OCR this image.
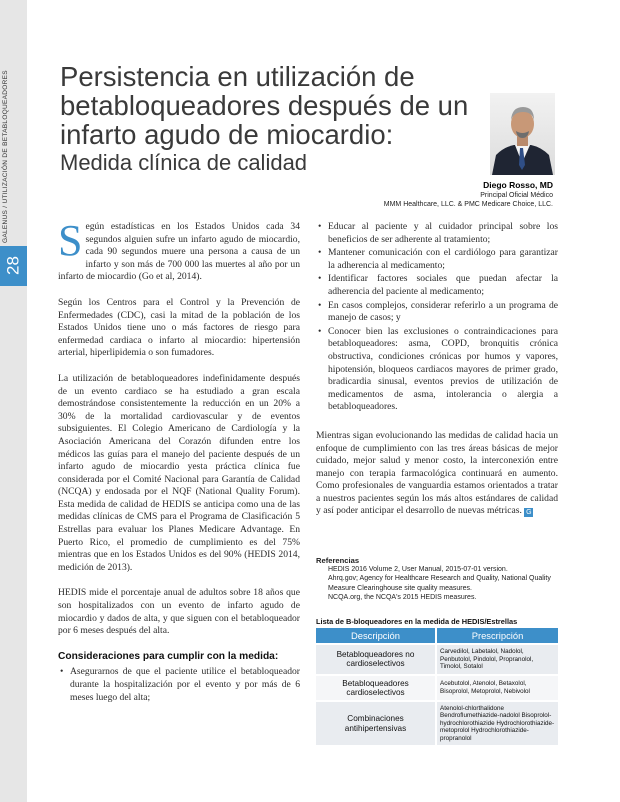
GALENUS / UTILIZACIÓN DE BETABLOQUEADORES
28
Persistencia en utilización de betabloqueadores después de un infarto agudo de miocardio:
Medida clínica de calidad
Diego Rosso, MD
Principal Oficial Médico
MMM Healthcare, LLC. & PMC Medicare Choice, LLC.

Según estadísticas en los Estados Unidos cada 34 segundos alguien sufre un infarto agudo de miocardio, cada 90 segundos muere una persona a causa de un infarto y son más de 700 000 las muertes al año por un infarto de miocardio (Go et al, 2014).

Según los Centros para el Control y la Prevención de Enfermedades (CDC), casi la mitad de la población de los Estados Unidos tiene uno o más factores de riesgo para enfermedad cardiaca o infarto al miocardio: hipertensión arterial, hiperlipidemia o son fumadores.

La utilización de betabloqueadores indefinidamente después de un evento cardiaco se ha estudiado a gran escala demostrándose consistentemente la reducción en un 20% a 30% de la mortalidad cardiovascular y de eventos subsiguientes. El Colegio Americano de Cardiología y la Asociación Americana del Corazón difunden entre los médicos las guías para el manejo del paciente después de un infarto agudo de miocardio yesta práctica clínica fue considerada por el Comité Nacional para Garantía de Calidad (NCQA) y endosada por el NQF (National Quality Forum). Esta medida de calidad de HEDIS se anticipa como una de las medidas clínicas de CMS para el Programa de Clasificación 5 Estrellas para evaluar los Planes Medicare Advantage. En Puerto Rico, el promedio de cumplimiento es del 75% mientras que en los Estados Unidos es del 90% (HEDIS 2014, medición de 2013).

HEDIS mide el porcentaje anual de adultos sobre 18 años que son hospitalizados con un evento de infarto agudo de miocardio y dados de alta, y que siguen con el betabloqueador por 6 meses después del alta.

Consideraciones para cumplir con la medida:
• Asegurarnos de que el paciente utilice el betabloqueador durante la hospitalización por el evento y por más de 6 meses luego del alta;
• Educar al paciente y al cuidador principal sobre los beneficios de ser adherente al tratamiento;
• Mantener comunicación con el cardiólogo para garantizar la adherencia al medicamento;
• Identificar factores sociales que puedan afectar la adherencia del paciente al medicamento;
• En casos complejos, considerar referirlo a un programa de manejo de casos; y
• Conocer bien las exclusiones o contraindicaciones para betabloqueadores: asma, COPD, bronquitis crónica obstructiva, condiciones crónicas por humos y vapores, hipotensión, bloqueos cardiacos mayores de primer grado, bradicardia sinusal, eventos previos de utilización de medicamentos de asma, intolerancia o alergia a betabloqueadores.

Mientras sigan evolucionando las medidas de calidad hacia un enfoque de cumplimiento con las tres áreas básicas de mejor cuidado, mejor salud y menor costo, la interconexión entre manejo con terapia farmacológica continuará en aumento. Como profesionales de vanguardia estamos orientados a tratar a nuestros pacientes según los más altos estándares de calidad y así poder anticipar el desarrollo de nuevas métricas. G

Referencias
HEDIS 2016 Volume 2, User Manual, 2015-07-01 version.
Ahrq.gov; Agency for Healthcare Research and Quality, National Quality Measure Clearinghouse site quality measures.
NCQA.org, the NCQA's 2015 HEDIS measures.
Lista de B-bloqueadores en la medida de HEDIS/Estrellas
Descripción	Prescripción
Betabloqueadores no cardioselectivos	Carvedilol, Labetalol, Nadolol, Penbutolol, Pindolol, Propranolol, Timolol, Sotalol
Betabloqueadores cardioselectivos	Acebutolol, Atenolol, Betaxolol, Bisoprolol, Metoprolol, Nebivolol
Combinaciones antihipertensivas	Atenolol-chlorthalidone Bendroflumethiazide-nadolol Bisoprolol-hydrochlorothiazide Hydrochlorothiazide-metoprolol Hydrochlorothiazide-propranolol
